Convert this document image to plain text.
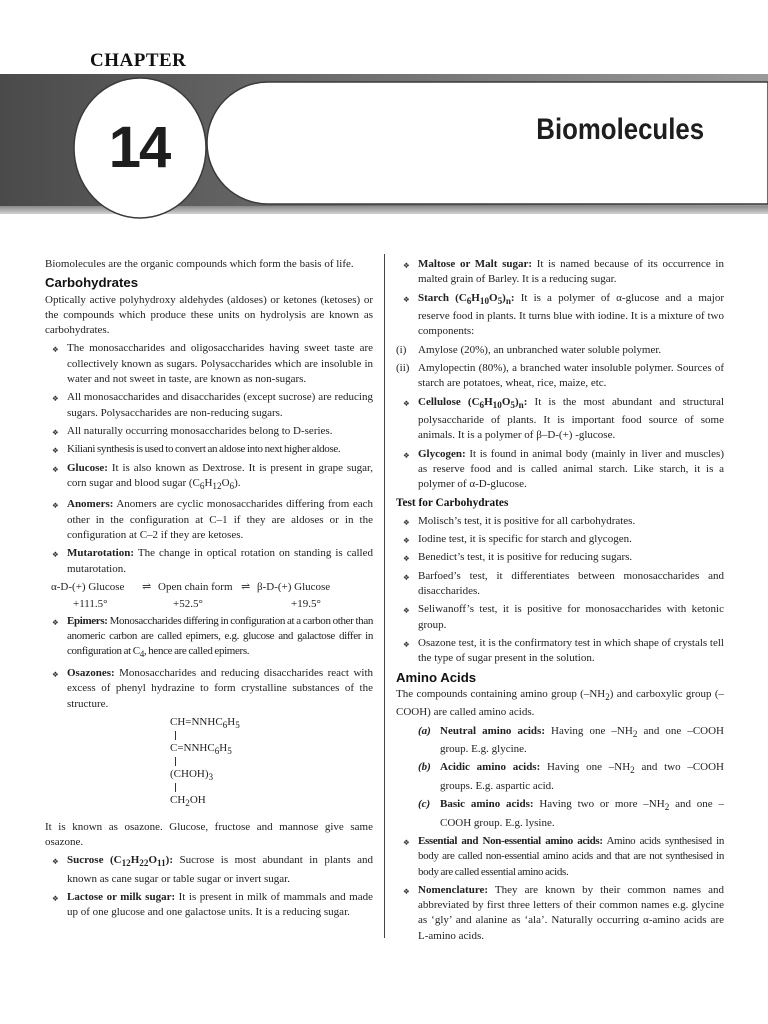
CHAPTER
14	Biomolecules

Biomolecules are the organic compounds which form the basis of life.

Carbohydrates

Optically active polyhydroxy aldehydes (aldoses) or ketones (ketoses) or the compounds which produce these units on hydrolysis are known as carbohydrates.

❖ The monosaccharides and oligosaccharides having sweet taste are collectively known as sugars. Polysaccharides which are insoluble in water and not sweet in taste, are known as non-sugars.
❖ All monosaccharides and disaccharides (except sucrose) are reducing sugars. Polysaccharides are non-reducing sugars.
❖ All naturally occurring monosaccharides belong to D-series.
❖ Kiliani synthesis is used to convert an aldose into next higher aldose.
❖ Glucose: It is also known as Dextrose. It is present in grape sugar, corn sugar and blood sugar $(C_6H_{12}O_6)$.
❖ Anomers: Anomers are cyclic monosaccharides differing from each other in the configuration at C–1 if they are aldoses or in the configuration at C–2 if they are ketoses.
❖ Mutarotation: The change in optical rotation on standing is called mutarotation.
α-D-(+) Glucose ⇌ Open chain form ⇌ β-D-(+) Glucose
+111.5°	+52.5°	+19.5°
❖ Epimers: Monosaccharides differing in configuration at a carbon other than anomeric carbon are called epimers, e.g. glucose and galactose differ in configuration at $C_4$, hence are called epimers.
❖ Osazones: Monosaccharides and reducing disaccharides react with excess of phenyl hydrazine to form crystalline substances of the structure.
$CH=NNHC_6H_5$
$C=NNHC_6H_5$
$(CHOH)_3$
$CH_2OH$

It is known as osazone. Glucose, fructose and mannose give same osazone.

❖ Sucrose $(C_{12}H_{22}O_{11})$: Sucrose is most abundant in plants and known as cane sugar or table sugar or invert sugar.
❖ Lactose or milk sugar: It is present in milk of mammals and made up of one glucose and one galactose units. It is a reducing sugar.
❖ Maltose or Malt sugar: It is named because of its occurrence in malted grain of Barley. It is a reducing sugar.
❖ Starch $(C_6H_{10}O_5)_n$: It is a polymer of α-glucose and a major reserve food in plants. It turns blue with iodine. It is a mixture of two components:
(i) Amylose (20%), an unbranched water soluble polymer.
(ii) Amylopectin (80%), a branched water insoluble polymer. Sources of starch are potatoes, wheat, rice, maize, etc.
❖ Cellulose $(C_6H_{10}O_5)_n$: It is the most abundant and structural polysaccharide of plants. It is important food source of some animals. It is a polymer of β–D-(+) -glucose.
❖ Glycogen: It is found in animal body (mainly in liver and muscles) as reserve food and is called animal starch. Like starch, it is a polymer of α-D-glucose.
Test for Carbohydrates
❖ Molisch’s test, it is positive for all carbohydrates.
❖ Iodine test, it is specific for starch and glycogen.
❖ Benedict’s test, it is positive for reducing sugars.
❖ Barfoed’s test, it differentiates between monosaccharides and disaccharides.
❖ Seliwanoff’s test, it is positive for monosaccharides with ketonic group.
❖ Osazone test, it is the confirmatory test in which shape of crystals tell the type of sugar present in the solution.
Amino Acids

The compounds containing amino group $(-NH_2)$ and carboxylic group (–COOH) are called amino acids.

(a) Neutral amino acids: Having one $-NH_2$ and one –COOH group. E.g. glycine.
(b) Acidic amino acids: Having one $-NH_2$ and two –COOH groups. E.g. aspartic acid.
(c) Basic amino acids: Having two or more $-NH_2$ and one –COOH group. E.g. lysine.
❖ Essential and Non-essential amino acids: Amino acids synthesised in body are called non-essential amino acids and that are not synthesised in body are called essential amino acids.
❖ Nomenclature: They are known by their common names and abbreviated by first three letters of their common names e.g. glycine as ‘gly’ and alanine as ‘ala’. Naturally occurring α-amino acids are L-amino acids.
